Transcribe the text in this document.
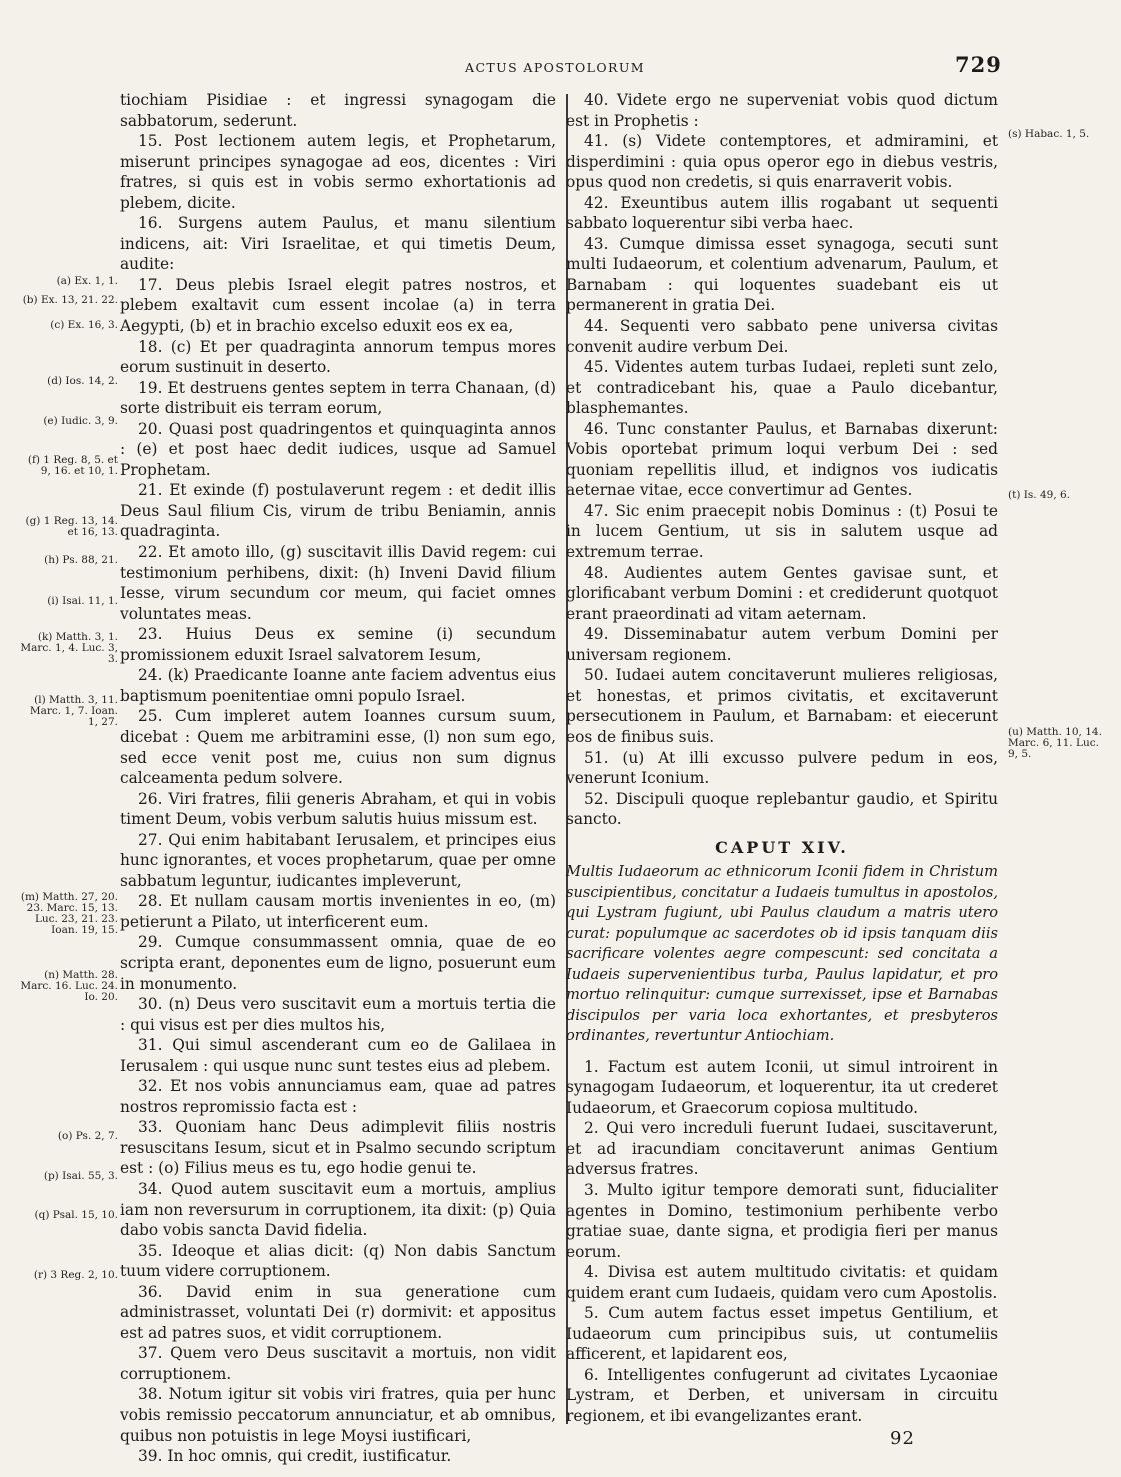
ACTUS APOSTOLORUM	729

tiochiam Pisidiae : et ingressi synagogam die sabbatorum, sederunt.

15. Post lectionem autem legis, et Prophetarum, miserunt principes synagogae ad eos, dicentes : Viri fratres, si quis est in vobis sermo exhortationis ad plebem, dicite.

16. Surgens autem Paulus, et manu silentium indicens, ait: Viri Israelitae, et qui timetis Deum, audite:

17. Deus plebis Israel elegit patres nostros, et plebem exaltavit cum essent incolae (a) in terra Aegypti, (b) et in brachio excelso eduxit eos ex ea,

18. (c) Et per quadraginta annorum tempus mores eorum sustinuit in deserto.

19. Et destruens gentes septem in terra Chanaan, (d) sorte distribuit eis terram eorum,

20. Quasi post quadringentos et quinquaginta annos : (e) et post haec dedit iudices, usque ad Samuel Prophetam.

21. Et exinde (f) postulaverunt regem : et dedit illis Deus Saul filium Cis, virum de tribu Beniamin, annis quadraginta.

22. Et amoto illo, (g) suscitavit illis David regem: cui testimonium perhibens, dixit: (h) Inveni David filium Iesse, virum secundum cor meum, qui faciet omnes voluntates meas.

23. Huius Deus ex semine (i) secundum promissionem eduxit Israel salvatorem Iesum,

24. (k) Praedicante Ioanne ante faciem adventus eius baptismum poenitentiae omni populo Israel.

25. Cum impleret autem Ioannes cursum suum, dicebat : Quem me arbitramini esse, (l) non sum ego, sed ecce venit post me, cuius non sum dignus calceamenta pedum solvere.

26. Viri fratres, filii generis Abraham, et qui in vobis timent Deum, vobis verbum salutis huius missum est.

27. Qui enim habitabant Ierusalem, et principes eius hunc ignorantes, et voces prophetarum, quae per omne sabbatum leguntur, iudicantes impleverunt,

28. Et nullam causam mortis invenientes in eo, (m) petierunt a Pilato, ut interficerent eum.

29. Cumque consummassent omnia, quae de eo scripta erant, deponentes eum de ligno, posuerunt eum in monumento.

30. (n) Deus vero suscitavit eum a mortuis tertia die : qui visus est per dies multos his,

31. Qui simul ascenderant cum eo de Galilaea in Ierusalem : qui usque nunc sunt testes eius ad plebem.

32. Et nos vobis annunciamus eam, quae ad patres nostros repromissio facta est :

33. Quoniam hanc Deus adimplevit filiis nostris resuscitans Iesum, sicut et in Psalmo secundo scriptum est : (o) Filius meus es tu, ego hodie genui te.

34. Quod autem suscitavit eum a mortuis, amplius iam non reversurum in corruptionem, ita dixit: (p) Quia dabo vobis sancta David fidelia.

35. Ideoque et alias dicit: (q) Non dabis Sanctum tuum videre corruptionem.

36. David enim in sua generatione cum administrasset, voluntati Dei (r) dormivit: et appositus est ad patres suos, et vidit corruptionem.

37. Quem vero Deus suscitavit a mortuis, non vidit corruptionem.

38. Notum igitur sit vobis viri fratres, quia per hunc vobis remissio peccatorum annunciatur, et ab omnibus, quibus non potuistis in lege Moysi iustificari,

39. In hoc omnis, qui credit, iustificatur.

40. Videte ergo ne superveniat vobis quod dictum est in Prophetis :

41. (s) Videte contemptores, et admiramini, et disperdimini : quia opus operor ego in diebus vestris, opus quod non credetis, si quis enarraverit vobis.

42. Exeuntibus autem illis rogabant ut sequenti sabbato loquerentur sibi verba haec.

43. Cumque dimissa esset synagoga, secuti sunt multi Iudaeorum, et colentium advenarum, Paulum, et Barnabam : qui loquentes suadebant eis ut permanerent in gratia Dei.

44. Sequenti vero sabbato pene universa civitas convenit audire verbum Dei.

45. Videntes autem turbas Iudaei, repleti sunt zelo, et contradicebant his, quae a Paulo dicebantur, blasphemantes.

46. Tunc constanter Paulus, et Barnabas dixerunt: Vobis oportebat primum loqui verbum Dei : sed quoniam repellitis illud, et indignos vos iudicatis aeternae vitae, ecce convertimur ad Gentes.

47. Sic enim praecepit nobis Dominus : (t) Posui te in lucem Gentium, ut sis in salutem usque ad extremum terrae.

48. Audientes autem Gentes gavisae sunt, et glorificabant verbum Domini : et crediderunt quotquot erant praeordinati ad vitam aeternam.

49. Disseminabatur autem verbum Domini per universam regionem.

50. Iudaei autem concitaverunt mulieres religiosas, et honestas, et primos civitatis, et excitaverunt persecutionem in Paulum, et Barnabam: et eiecerunt eos de finibus suis.

51. (u) At illi excusso pulvere pedum in eos, venerunt Iconium.

52. Discipuli quoque replebantur gaudio, et Spiritu sancto.

CAPUT XIV.

Multis Iudaeorum ac ethnicorum Iconii fidem in Christum suscipientibus, concitatur a Iudaeis tumultus in apostolos, qui Lystram fugiunt, ubi Paulus claudum a matris utero curat: populumque ac sacerdotes ob id ipsis tanquam diis sacrificare volentes aegre compescunt: sed concitata a Iudaeis supervenientibus turba, Paulus lapidatur, et pro mortuo relinquitur: cumque surrexisset, ipse et Barnabas discipulos per varia loca exhortantes, et presbyteros ordinantes, revertuntur Antiochiam.

1. Factum est autem Iconii, ut simul introirent in synagogam Iudaeorum, et loquerentur, ita ut crederet Iudaeorum, et Graecorum copiosa multitudo.

2. Qui vero increduli fuerunt Iudaei, suscitaverunt, et ad iracundiam concitaverunt animas Gentium adversus fratres.

3. Multo igitur tempore demorati sunt, fiducialiter agentes in Domino, testimonium perhibente verbo gratiae suae, dante signa, et prodigia fieri per manus eorum.

4. Divisa est autem multitudo civitatis: et quidam quidem erant cum Iudaeis, quidam vero cum Apostolis.

5. Cum autem factus esset impetus Gentilium, et Iudaeorum cum principibus suis, ut contumeliis afficerent, et lapidarent eos,

6. Intelligentes confugerunt ad civitates Lycaoniae Lystram, et Derben, et universam in circuitu regionem, et ibi evangelizantes erant.

(a) Ex. 1, 1.
(b) Ex. 13, 21. 22.
(c) Ex. 16, 3.
(d) Ios. 14, 2.
(e) Iudic. 3, 9.
(f) 1 Reg. 8, 5. et 9, 16. et 10, 1.
(g) 1 Reg. 13, 14. et 16, 13.
(h) Ps. 88, 21.
(i) Isai. 11, 1.
(k) Matth. 3, 1. Marc. 1, 4. Luc. 3, 3.
(l) Matth. 3, 11. Marc. 1, 7. Ioan. 1, 27.
(m) Matth. 27, 20. 23. Marc. 15, 13. Luc. 23, 21. 23. Ioan. 19, 15.
(n) Matth. 28. Marc. 16. Luc. 24. Io. 20.
(o) Ps. 2, 7.
(p) Isai. 55, 3.
(q) Psal. 15, 10.
(r) 3 Reg. 2, 10.
(s) Habac. 1, 5.
(t) Is. 49, 6.
(u) Matth. 10, 14. Marc. 6, 11. Luc. 9, 5.
92
